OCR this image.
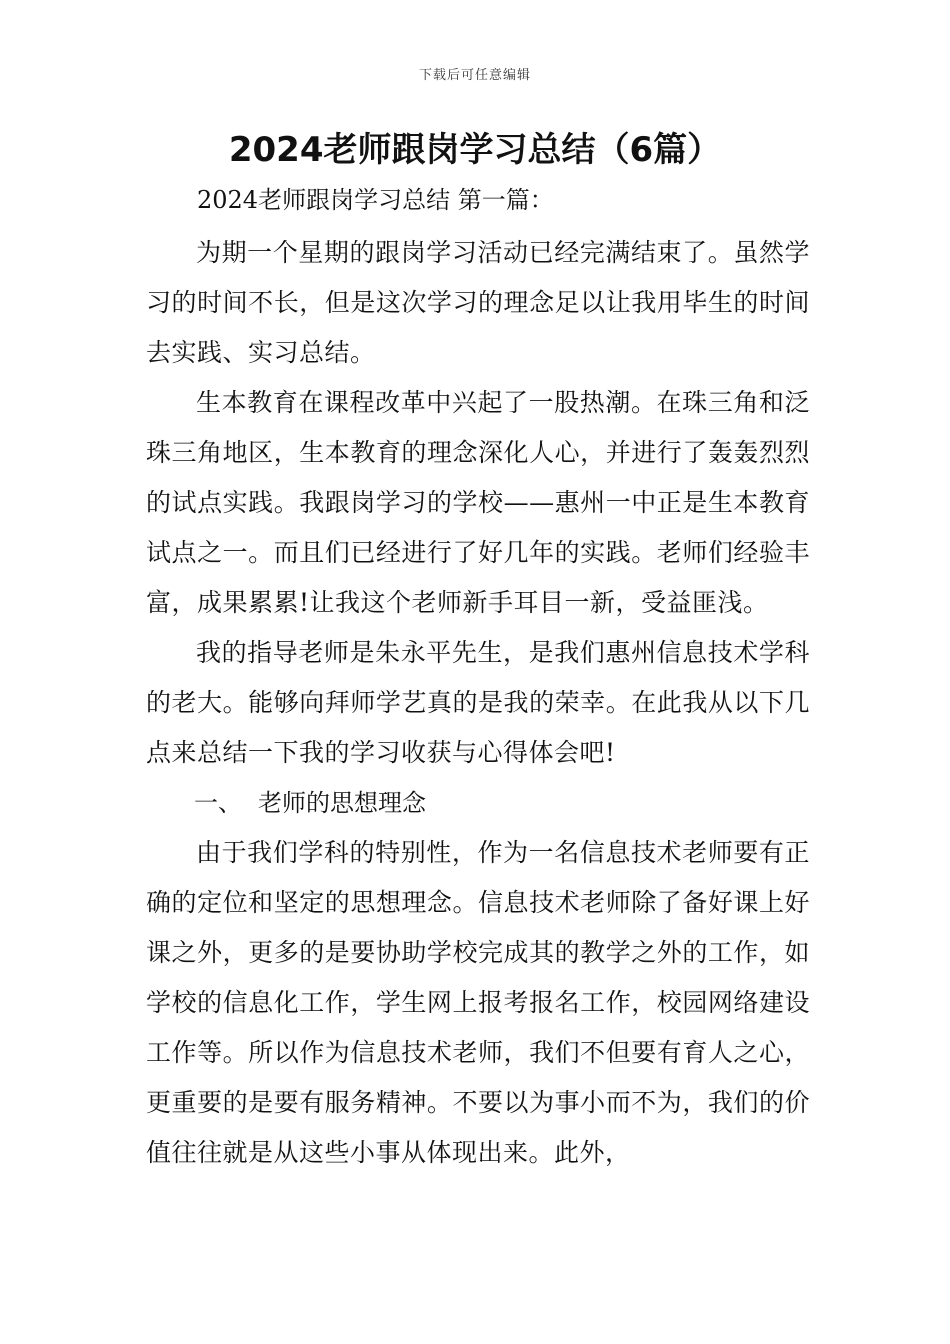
下载后可任意编辑
2024老师跟岗学习总结（6篇）
2024老师跟岗学习总结 第一篇：

为期一个星期的跟岗学习活动已经完满结束了。虽然学习的时间不长，但是这次学习的理念足以让我用毕生的时间去实践、实习总结。

生本教育在课程改革中兴起了一股热潮。在珠三角和泛珠三角地区，生本教育的理念深化人心，并进行了轰轰烈烈的试点实践。我跟岗学习的学校——惠州一中正是生本教育试点之一。而且们已经进行了好几年的实践。老师们经验丰富，成果累累!让我这个老师新手耳目一新，受益匪浅。

我的指导老师是朱永平先生，是我们惠州信息技术学科的老大。能够向拜师学艺真的是我的荣幸。在此我从以下几点来总结一下我的学习收获与心得体会吧!

一、 老师的思想理念

由于我们学科的特别性，作为一名信息技术老师要有正确的定位和坚定的思想理念。信息技术老师除了备好课上好课之外，更多的是要协助学校完成其的教学之外的工作，如学校的信息化工作，学生网上报考报名工作，校园网络建设工作等。所以作为信息技术老师，我们不但要有育人之心，更重要的是要有服务精神。不要以为事小而不为，我们的价值往往就是从这些小事从体现出来。此外，
